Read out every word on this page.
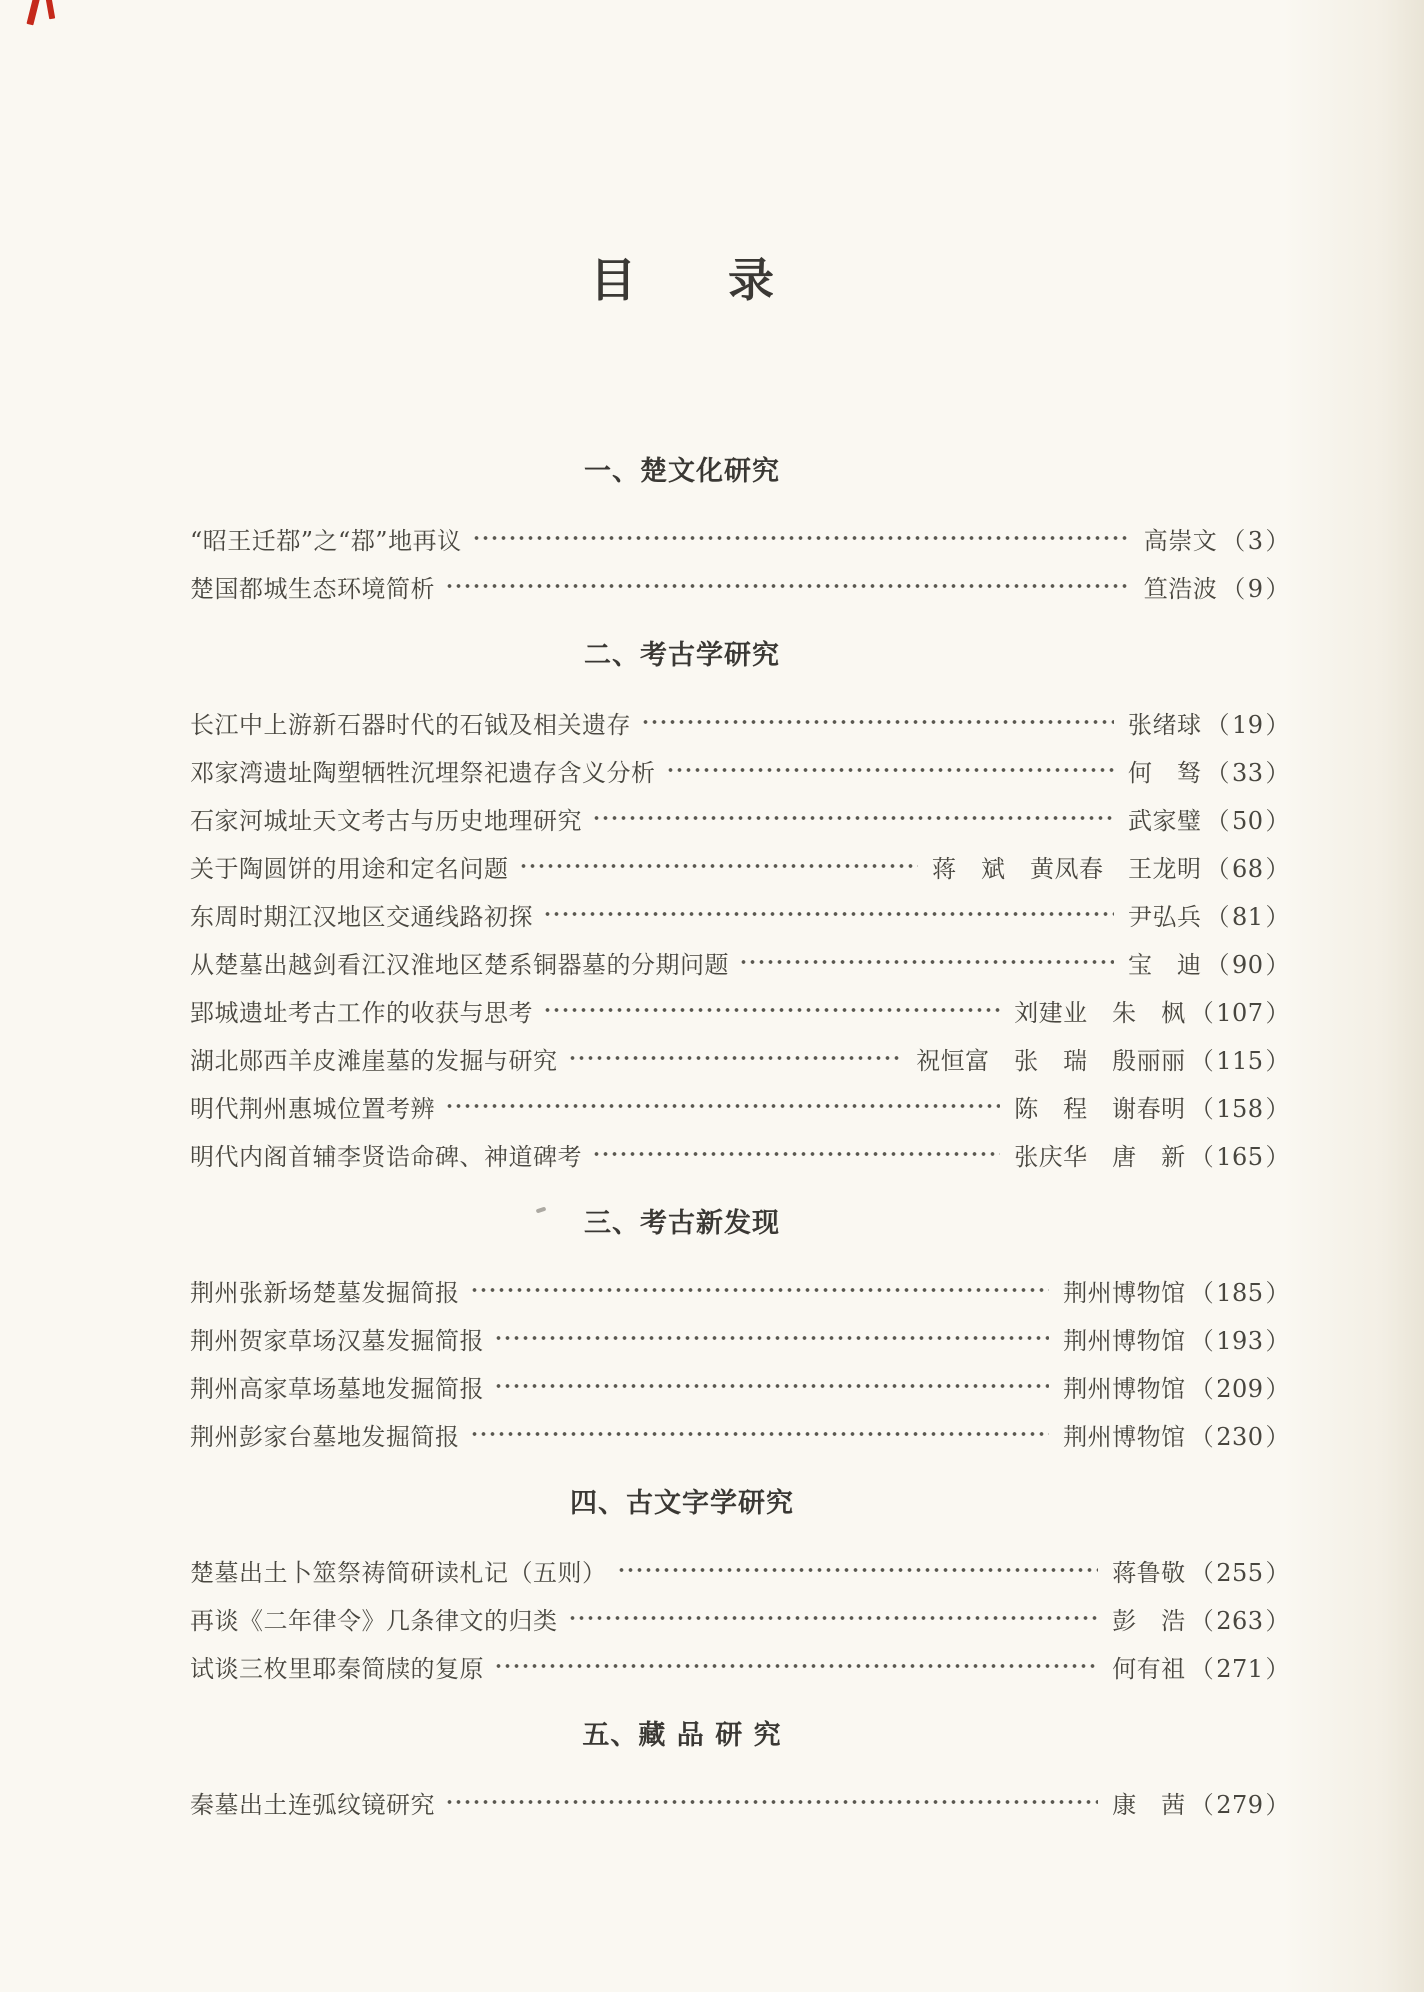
目　　录
一、楚文化研究
“昭王迁鄀”之“鄀”地再议	高崇文	（ 3 ）
楚国都城生态环境简析	笪浩波	（ 9 ）
二、考古学研究
长江中上游新石器时代的石钺及相关遗存	张绪球	（ 19 ）
邓家湾遗址陶塑牺牲沉埋祭祀遗存含义分析	何　驽	（ 33 ）
石家河城址天文考古与历史地理研究	武家璧	（ 50 ）
关于陶圆饼的用途和定名问题	蒋　斌　黄凤春　王龙明	（ 68 ）
东周时期江汉地区交通线路初探	尹弘兵	（ 81 ）
从楚墓出越剑看江汉淮地区楚系铜器墓的分期问题	宝　迪	（ 90 ）
郢城遗址考古工作的收获与思考	刘建业　朱　枫	（ 107 ）
湖北郧西羊皮滩崖墓的发掘与研究	祝恒富　张　瑞　殷丽丽	（ 115 ）
明代荆州惠城位置考辨	陈　程　谢春明	（ 158 ）
明代内阁首辅李贤诰命碑、神道碑考	张庆华　唐　新	（ 165 ）
三、考古新发现
荆州张新场楚墓发掘简报	荆州博物馆	（ 185 ）
荆州贺家草场汉墓发掘简报	荆州博物馆	（ 193 ）
荆州高家草场墓地发掘简报	荆州博物馆	（ 209 ）
荆州彭家台墓地发掘简报	荆州博物馆	（ 230 ）
四、古文字学研究
楚墓出土卜筮祭祷简研读札记（五则）	蒋鲁敬	（ 255 ）
再谈《二年律令》几条律文的归类	彭　浩	（ 263 ）
试谈三枚里耶秦简牍的复原	何有祖	（ 271 ）
五、藏 品 研 究
秦墓出土连弧纹镜研究	康　茜	（ 279 ）
